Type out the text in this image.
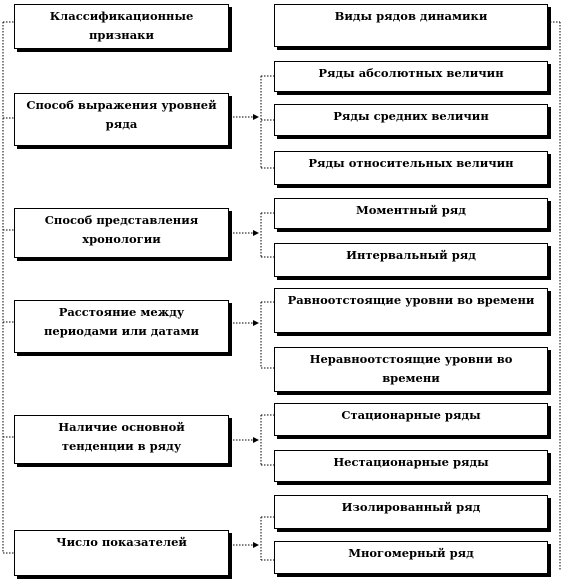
Классификационные признаки
Способ выражения уровней ряда
Способ представления хронологии
Расстояние между периодами или датами
Наличие основной тенденции в ряду
Число показателей
Виды рядов динамики
Ряды абсолютных величин
Ряды средних величин
Ряды относительных величин
Моментный ряд
Интервальный ряд
Равноотстоящие уровни во времени
Неравноотстоящие уровни во времени
Стационарные ряды
Нестационарные ряды
Изолированный ряд
Многомерный ряд
